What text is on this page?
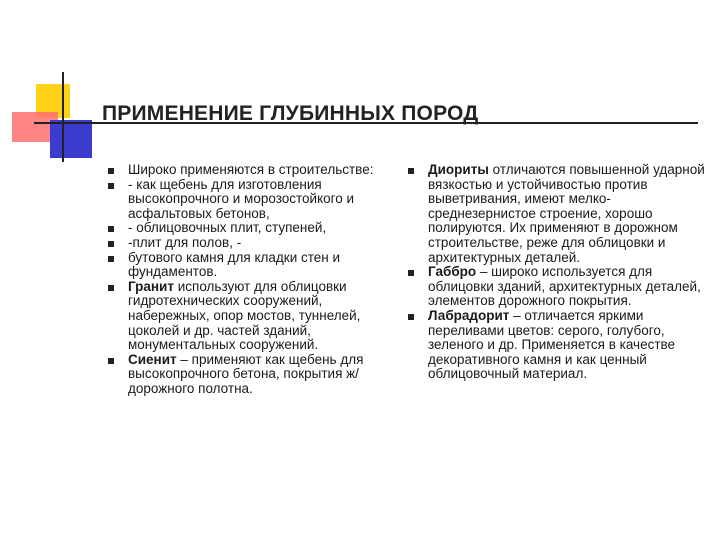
ПРИМЕНЕНИЕ ГЛУБИННЫХ ПОРОД
Широко применяются в строительстве:
- как щебень для изготовления высокопрочного и морозостойкого и асфальтовых бетонов,
- облицовочных плит, ступеней,
-плит для полов, -
бутового камня для кладки стен и фундаментов.
Гранит используют для облицовки гидротехнических сооружений, набережных, опор мостов, туннелей, цоколей и др. частей зданий, монументальных сооружений.
Сиенит – применяют как щебень для высокопрочного бетона, покрытия ж/дорожного полотна.
Диориты отличаются повышенной ударной вязкостью и устойчивостью против выветривания, имеют мелко-среднезернистое строение, хорошо полируются. Их применяют в дорожном строительстве, реже для облицовки и архитектурных деталей.
Габбро – широко используется для облицовки зданий, архитектурных деталей, элементов дорожного покрытия.
Лабрадорит – отличается яркими переливами цветов: серого, голубого, зеленого и др. Применяется в качестве декоративного камня и как ценный облицовочный материал.
